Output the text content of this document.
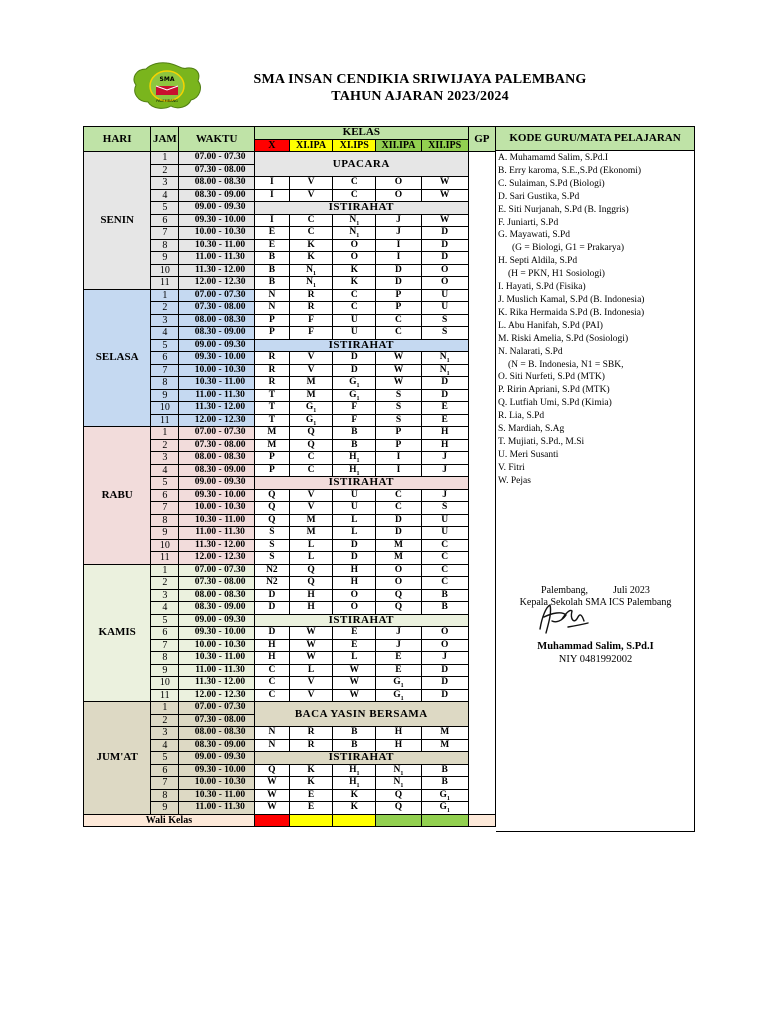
SMA
PALEMBANG
SMA INSAN CENDIKIA SRIWIJAYA PALEMBANG
TAHUN AJARAN 2023/2024
HARI	JAM	WAKTU	KELAS					GP
			X	XI.IPA	XI.IPS	XII.IPA	XII.IPS	
SENIN	1	07.00 - 07.30	UPACARA					
	2	07.30 - 08.00						
	3	08.00 - 08.30	I	V	C	O	W	
	4	08.30 - 09.00	I	V	C	O	W	
	5	09.00 - 09.30	ISTIRAHAT					
	6	09.30 - 10.00	I	C	$N_1$	J	W	
	7	10.00 - 10.30	E	C	$N_1$	J	D	
	8	10.30 - 11.00	E	K	O	I	D	
	9	11.00 - 11.30	B	K	O	I	D	
	10	11.30 - 12.00	B	$N_1$	K	D	O	
	11	12.00 - 12.30	B	$N_1$	K	D	O	
SELASA	1	07.00 - 07.30	N	R	C	P	U	
	2	07.30 - 08.00	N	R	C	P	U	
	3	08.00 - 08.30	P	F	U	C	S	
	4	08.30 - 09.00	P	F	U	C	S	
	5	09.00 - 09.30	ISTIRAHAT					
	6	09.30 - 10.00	R	V	D	W	$N_1$
	7	10.00 - 10.30	R	V	D	W	$N_1$
	8	10.30 - 11.00	R	M	$G_1$	W	D	
	9	11.00 - 11.30	T	M	$G_1$	S	D	
	10	11.30 - 12.00	T	$G_1$	F	S	E	
	11	12.00 - 12.30	T	$G_1$	F	S	E	
RABU	1	07.00 - 07.30	M	Q	B	P	H	
	2	07.30 - 08.00	M	Q	B	P	H	
	3	08.00 - 08.30	P	C	$H_1$	I	J	
	4	08.30 - 09.00	P	C	$H_1$	I	J	
	5	09.00 - 09.30	ISTIRAHAT					
	6	09.30 - 10.00	Q	V	U	C	J	
	7	10.00 - 10.30	Q	V	U	C	S	
	8	10.30 - 11.00	Q	M	L	D	U	
	9	11.00 - 11.30	S	M	L	D	U	
	10	11.30 - 12.00	S	L	D	M	C	
	11	12.00 - 12.30	S	L	D	M	C	
KAMIS	1	07.00 - 07.30	N2	Q	H	O	C	
	2	07.30 - 08.00	N2	Q	H	O	C	
	3	08.00 - 08.30	D	H	O	Q	B	
	4	08.30 - 09.00	D	H	O	Q	B	
	5	09.00 - 09.30	ISTIRAHAT					
	6	09.30 - 10.00	D	W	E	J	O	
	7	10.00 - 10.30	H	W	E	J	O	
	8	10.30 - 11.00	H	W	L	E	J	
	9	11.00 - 11.30	C	L	W	E	D	
	10	11.30 - 12.00	C	V	W	$G_1$	D	
	11	12.00 - 12.30	C	V	W	$G_1$	D	
JUM'AT	1	07.00 - 07.30	BACA YASIN BERSAMA					
	2	07.30 - 08.00						
	3	08.00 - 08.30	N	R	B	H	M	
	4	08.30 - 09.00	N	R	B	H	M	
	5	09.00 - 09.30	ISTIRAHAT					
	6	09.30 - 10.00	Q	K	$H_1$	$N_1$	B	
	7	10.00 - 10.30	W	K	$H_1$	$N_1$	B	
	8	10.30 - 11.00	W	E	K	Q	$G_1$
	9	11.00 - 11.30	W	E	K	Q	$G_1$
Wali Kelas								
KODE GURU/MATA PELAJARAN
A. Muhamamd Salim, S.Pd.I
B. Erry karoma, S.E.,S.Pd (Ekonomi)
C. Sulaiman, S.Pd (Biologi)
D. Sari Gustika, S.Pd
E. Siti Nurjanah, S.Pd (B. Inggris)
F. Juniarti, S.Pd
G. Mayawati, S.Pd
(G = Biologi, G1 = Prakarya)
H. Septi Aldila, S.Pd
(H = PKN, H1 Sosiologi)
I. Hayati, S.Pd (Fisika)
J. Muslich Kamal, S.Pd (B. Indonesia)
K. Rika Hermaida S.Pd (B. Indonesia)
L. Abu Hanifah, S.Pd (PAI)
M. Riski Amelia, S.Pd (Sosiologi)
N. Nalarati, S.Pd
(N = B. Indonesia, N1 = SBK,
O. Siti Nurfeti, S.Pd (MTK)
P. Ririn Apriani, S.Pd (MTK)
Q. Lutfiah Umi, S.Pd (Kimia)
R. Lia, S.Pd
S. Mardiah, S.Ag
T. Mujiati, S.Pd., M.Si
U. Meri Susanti
V. Fitri
W. Pejas
Palembang,          Juli 2023
Kepala Sekolah SMA ICS Palembang
Muhammad Salim, S.Pd.I
NIY 0481992002
